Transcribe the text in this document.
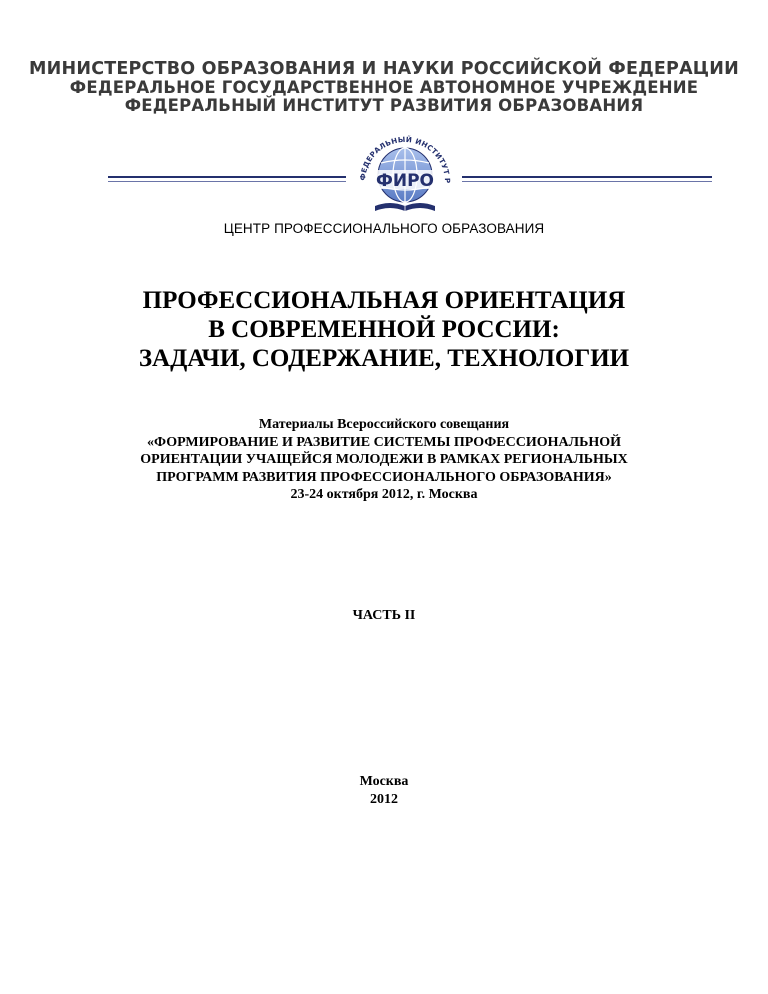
МИНИСТЕРСТВО ОБРАЗОВАНИЯ И НАУКИ РОССИЙСКОЙ ФЕДЕРАЦИИ
ФЕДЕРАЛЬНОЕ ГОСУДАРСТВЕННОЕ АВТОНОМНОЕ УЧРЕЖДЕНИЕ
ФЕДЕРАЛЬНЫЙ ИНСТИТУТ РАЗВИТИЯ ОБРАЗОВАНИЯ
ФЕДЕРАЛЬНЫЙ ИНСТИТУТ Р
ФИРО
ЦЕНТР ПРОФЕССИОНАЛЬНОГО ОБРАЗОВАНИЯ
ПРОФЕССИОНАЛЬНАЯ ОРИЕНТАЦИЯ
В СОВРЕМЕННОЙ РОССИИ:
ЗАДАЧИ, СОДЕРЖАНИЕ, ТЕХНОЛОГИИ
Материалы Всероссийского совещания
«ФОРМИРОВАНИЕ И РАЗВИТИЕ СИСТЕМЫ ПРОФЕССИОНАЛЬНОЙ
ОРИЕНТАЦИИ УЧАЩЕЙСЯ МОЛОДЕЖИ В РАМКАХ РЕГИОНАЛЬНЫХ
ПРОГРАММ РАЗВИТИЯ ПРОФЕССИОНАЛЬНОГО ОБРАЗОВАНИЯ»
23-24 октября 2012, г. Москва
ЧАСТЬ II
Москва
2012
